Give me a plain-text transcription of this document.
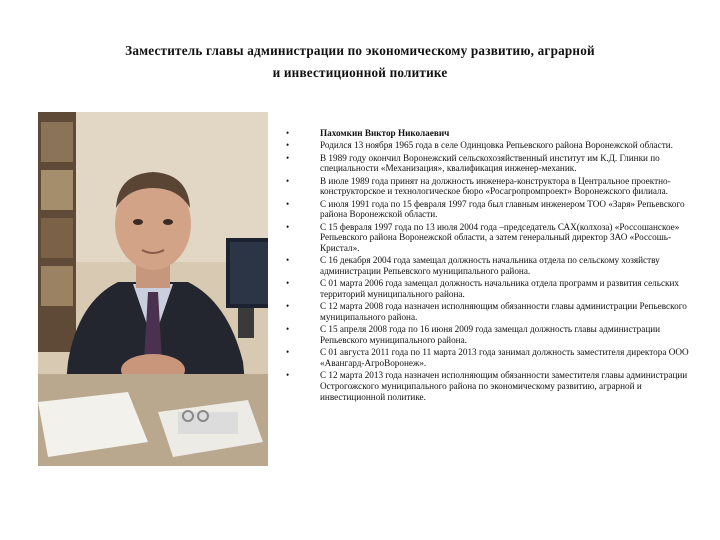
Заместитель главы администрации по экономическому развитию, аграрной
и инвестиционной политике
•	Пахомкин Виктор Николаевич
•	Родился 13 ноября 1965 года в селе Одинцовка Репьевского района Воронежской области.
•	В 1989 году окончил Воронежский сельскохозяйственный институт им К.Д. Глинки по специальности «Механизация», квалификация инженер-механик.
•	В июле 1989 года принят на должность инженера-конструктора в Центральное проектно-конструкторское и технологическое бюро «Росагропромпроект» Воронежского филиала.
•	С июля 1991 года по 15 февраля 1997 года был главным инженером ТОО «Заря» Репьевского района Воронежской области.
•	С 15 февраля 1997 года по 13 июля 2004 года –председатель САХ(колхоза) «Россошанское» Репьевского района Воронежской области, а затем генеральный директор ЗАО «Россошь-Кристал».
•	С 16 декабря 2004 года замещал должность начальника отдела по сельскому хозяйству администрации Репьевского муниципального района.
•	С 01 марта 2006 года замещал должность начальника отдела программ и развития сельских территорий муниципального района.
•	С 12 марта 2008 года назначен исполняющим обязанности главы администрации Репьевского муниципального района.
•	С 15 апреля 2008 года по 16 июня 2009 года замещал должность главы администрации Репьевского муниципального района.
•	С 01 августа 2011 года по 11 марта 2013 года занимал должность заместителя директора ООО «Авангард-АгроВоронеж».
•	С 12 марта 2013 года назначен исполняющим обязанности заместителя главы администрации Острогожского муниципального района по экономическому развитию, аграрной и инвестиционной политике.
